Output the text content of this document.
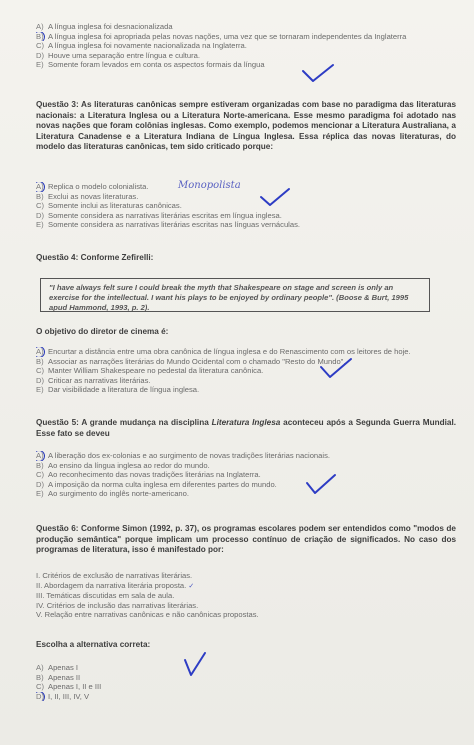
A) A língua inglesa foi desnacionalizada
B) A língua inglesa foi apropriada pelas novas nações, uma vez que se tornaram independentes da Inglaterra
C) A língua inglesa foi novamente nacionalizada na Inglaterra.
D) Houve uma separação entre língua e cultura.
E) Somente foram levados em conta os aspectos formais da língua
Questão 3: As literaturas canônicas sempre estiveram organizadas com base no paradigma das literaturas nacionais: a Literatura Inglesa ou a Literatura Norte-americana. Esse mesmo paradigma foi adotado nas novas nações que foram colônias inglesas. Como exemplo, podemos mencionar a Literatura Australiana, a Literatura Canadense e a Literatura Indiana de Língua Inglesa. Essa réplica das novas literaturas, do modelo das literaturas canônicas, tem sido criticado porque:
A) Replica o modelo colonialista.
B) Exclui as novas literaturas.
C) Somente inclui as literaturas canônicas.
D) Somente considera as narrativas literárias escritas em língua inglesa.
E) Somente considera as narrativas literárias escritas nas línguas vernáculas.
Monopolista
Questão 4: Conforme Zefirelli:
"I have always felt sure I could break the myth that Shakespeare on stage and screen is only an exercise for the intellectual. I want his plays to be enjoyed by ordinary people". (Boose & Burt, 1995 apud Hammond, 1993, p. 2).
O objetivo do diretor de cinema é:
A) Encurtar a distância entre uma obra canônica de língua inglesa e do Renascimento com os leitores de hoje.
B) Associar as narrações literárias do Mundo Ocidental com o chamado "Resto do Mundo".
C) Manter William Shakespeare no pedestal da literatura canônica.
D) Criticar as narrativas literárias.
E) Dar visibilidade a literatura de língua inglesa.
Questão 5: A grande mudança na disciplina Literatura Inglesa aconteceu após a Segunda Guerra Mundial. Esse fato se deveu
A) A liberação dos ex-colonias e ao surgimento de novas tradições literárias nacionais.
B) Ao ensino da língua inglesa ao redor do mundo.
C) Ao reconhecimento das novas tradições literárias na Inglaterra.
D) A imposição da norma culta inglesa em diferentes partes do mundo.
E) Ao surgimento do inglês norte-americano.
Questão 6: Conforme Simon (1992, p. 37), os programas escolares podem ser entendidos como "modos de produção semântica" porque implicam um processo contínuo de criação de significados. No caso dos programas de literatura, isso é manifestado por:
I. Critérios de exclusão de narrativas literárias.
II. Abordagem da narrativa literária proposta. ✓
III. Temáticas discutidas em sala de aula.
IV. Critérios de inclusão das narrativas literárias.
V. Relação entre narrativas canônicas e não canônicas propostas.
Escolha a alternativa correta:
A) Apenas I
B) Apenas II
C) Apenas I, II e III
D) I, II, III, IV, V
